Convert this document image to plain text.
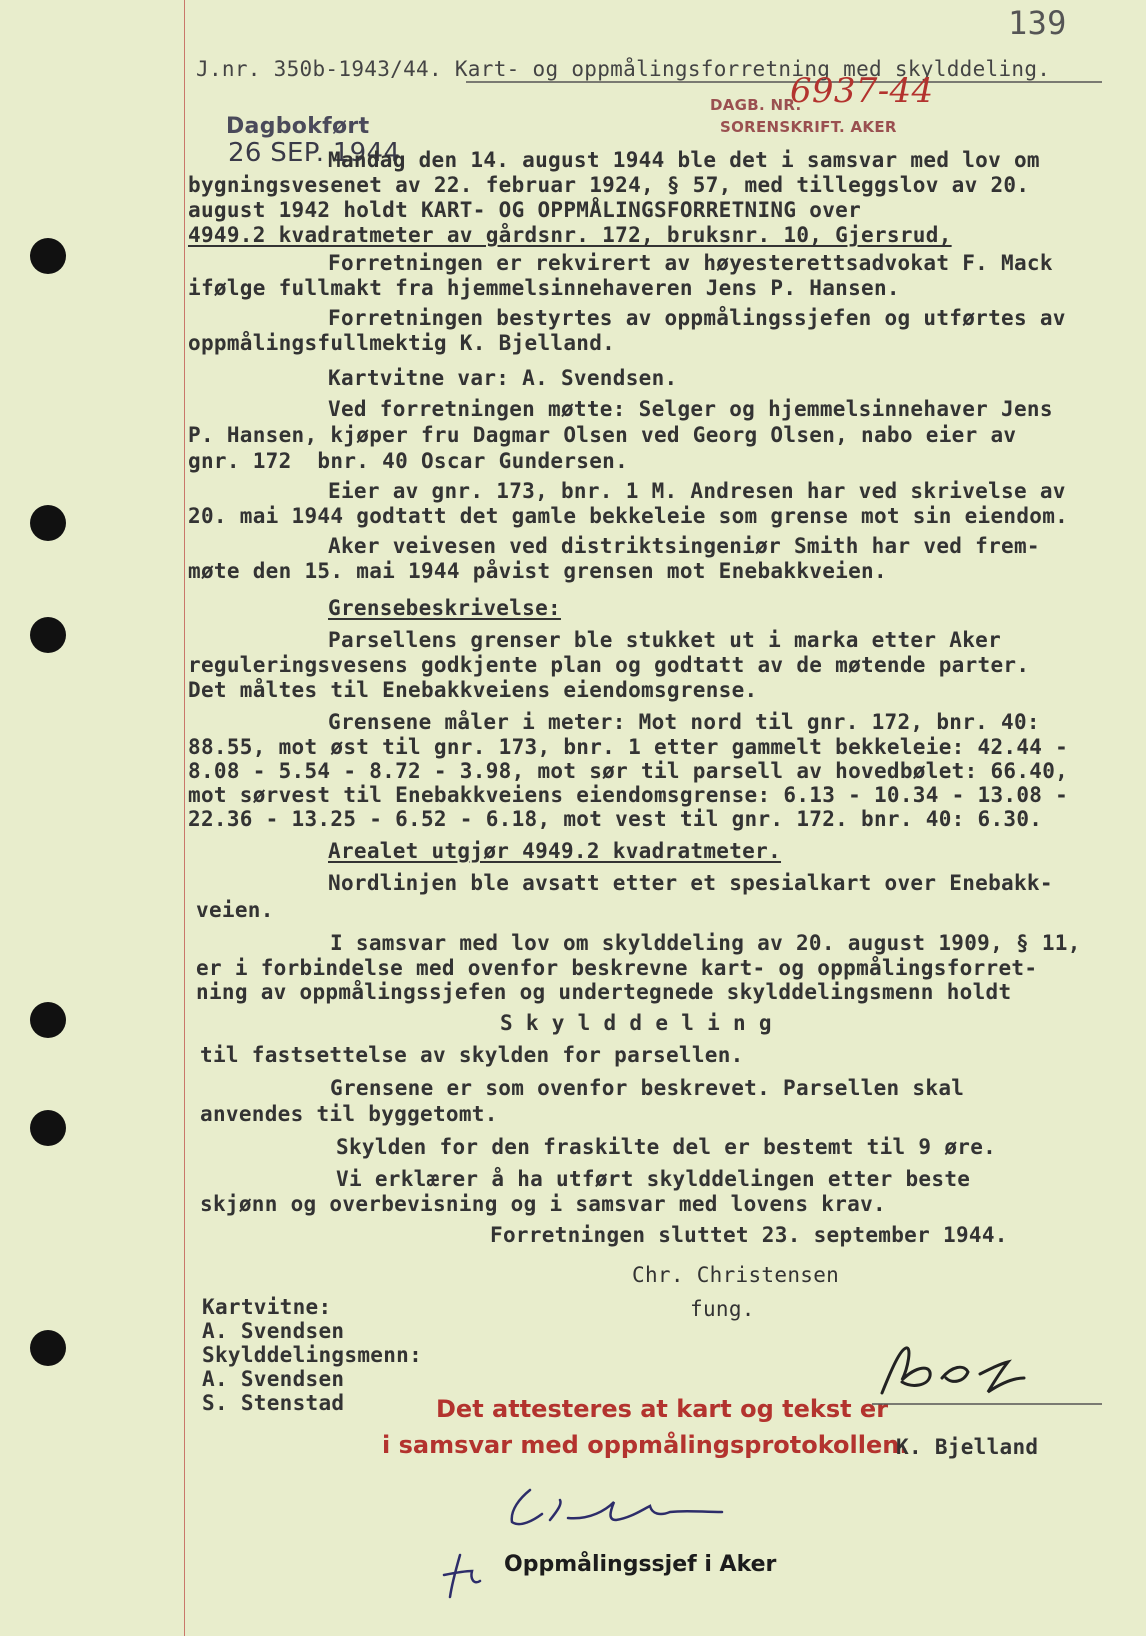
139
J.nr. 350b-1943/44. Kart- og oppmålingsforretning med skylddeling.
Dagbokført
26 SEP. 1944
DAGB. NR.
6937-44
SORENSKRIFT. AKER
Mandag den 14. august 1944 ble det i samsvar med lov om
bygningsvesenet av 22. februar 1924, § 57, med tilleggslov av 20.
august 1942 holdt KART- OG OPPMÅLINGSFORRETNING over
4949.2 kvadratmeter av gårdsnr. 172, bruksnr. 10, Gjersrud,
Forretningen er rekvirert av høyesterettsadvokat F. Mack
ifølge fullmakt fra hjemmelsinnehaveren Jens P. Hansen.
Forretningen bestyrtes av oppmålingssjefen og utførtes av
oppmålingsfullmektig K. Bjelland.
Kartvitne var: A. Svendsen.
Ved forretningen møtte: Selger og hjemmelsinnehaver Jens
P. Hansen, kjøper fru Dagmar Olsen ved Georg Olsen, nabo eier av
gnr. 172  bnr. 40 Oscar Gundersen.
Eier av gnr. 173, bnr. 1 M. Andresen har ved skrivelse av
20. mai 1944 godtatt det gamle bekkeleie som grense mot sin eiendom.
Aker veivesen ved distriktsingeniør Smith har ved frem-
møte den 15. mai 1944 påvist grensen mot Enebakkveien.
Grensebeskrivelse:
Parsellens grenser ble stukket ut i marka etter Aker
reguleringsvesens godkjente plan og godtatt av de møtende parter.
Det måltes til Enebakkveiens eiendomsgrense.
Grensene måler i meter: Mot nord til gnr. 172, bnr. 40:
88.55, mot øst til gnr. 173, bnr. 1 etter gammelt bekkeleie: 42.44 -
8.08 - 5.54 - 8.72 - 3.98, mot sør til parsell av hovedbølet: 66.40,
mot sørvest til Enebakkveiens eiendomsgrense: 6.13 - 10.34 - 13.08 -
22.36 - 13.25 - 6.52 - 6.18, mot vest til gnr. 172. bnr. 40: 6.30.
Arealet utgjør 4949.2 kvadratmeter.
Nordlinjen ble avsatt etter et spesialkart over Enebakk-
veien.
I samsvar med lov om skylddeling av 20. august 1909, § 11,
er i forbindelse med ovenfor beskrevne kart- og oppmålingsforret-
ning av oppmålingssjefen og undertegnede skylddelingsmenn holdt
S k y l d d e l i n g
til fastsettelse av skylden for parsellen.
Grensene er som ovenfor beskrevet. Parsellen skal
anvendes til byggetomt.
Skylden for den fraskilte del er bestemt til 9 øre.
Vi erklærer å ha utført skylddelingen etter beste
skjønn og overbevisning og i samsvar med lovens krav.
Forretningen sluttet 23. september 1944.
Chr. Christensen
fung.
Kartvitne:
A. Svendsen
Skylddelingsmenn:
A. Svendsen
S. Stenstad	Det attesteres at kart og tekst er
i samsvar med oppmålingsprotokollen.
K. Bjelland
Oppmålingssjef i Aker
